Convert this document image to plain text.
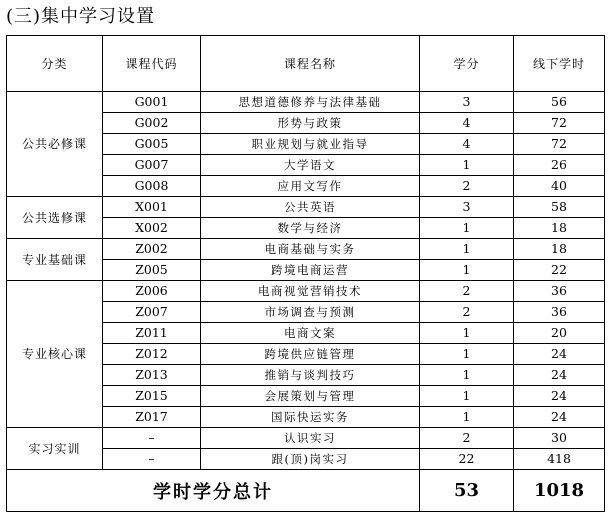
(三)集中学习设置
分类	课程代码	课程名称	学分	线下学时
公共必修课	G001	思想道德修养与法律基础	3	56
	G002	形势与政策	4	72
	G005	职业规划与就业指导	4	72
	G007	大学语文	1	26
	G008	应用文写作	2	40
公共选修课	X001	公共英语	3	58
	X002	数学与经济	1	18
专业基础课	Z002	电商基础与实务	1	18
	Z005	跨境电商运营	1	22
专业核心课	Z006	电商视觉营销技术	2	36
	Z007	市场调查与预测	2	36
	Z011	电商文案	1	20
	Z012	跨境供应链管理	1	24
	Z013	推销与谈判技巧	1	24
	Z015	会展策划与管理	1	24
	Z017	国际快运实务	1	24
实习实训	–	认识实习	2	30
	–	跟(顶)岗实习	22	418
学时学分总计			53	1018
